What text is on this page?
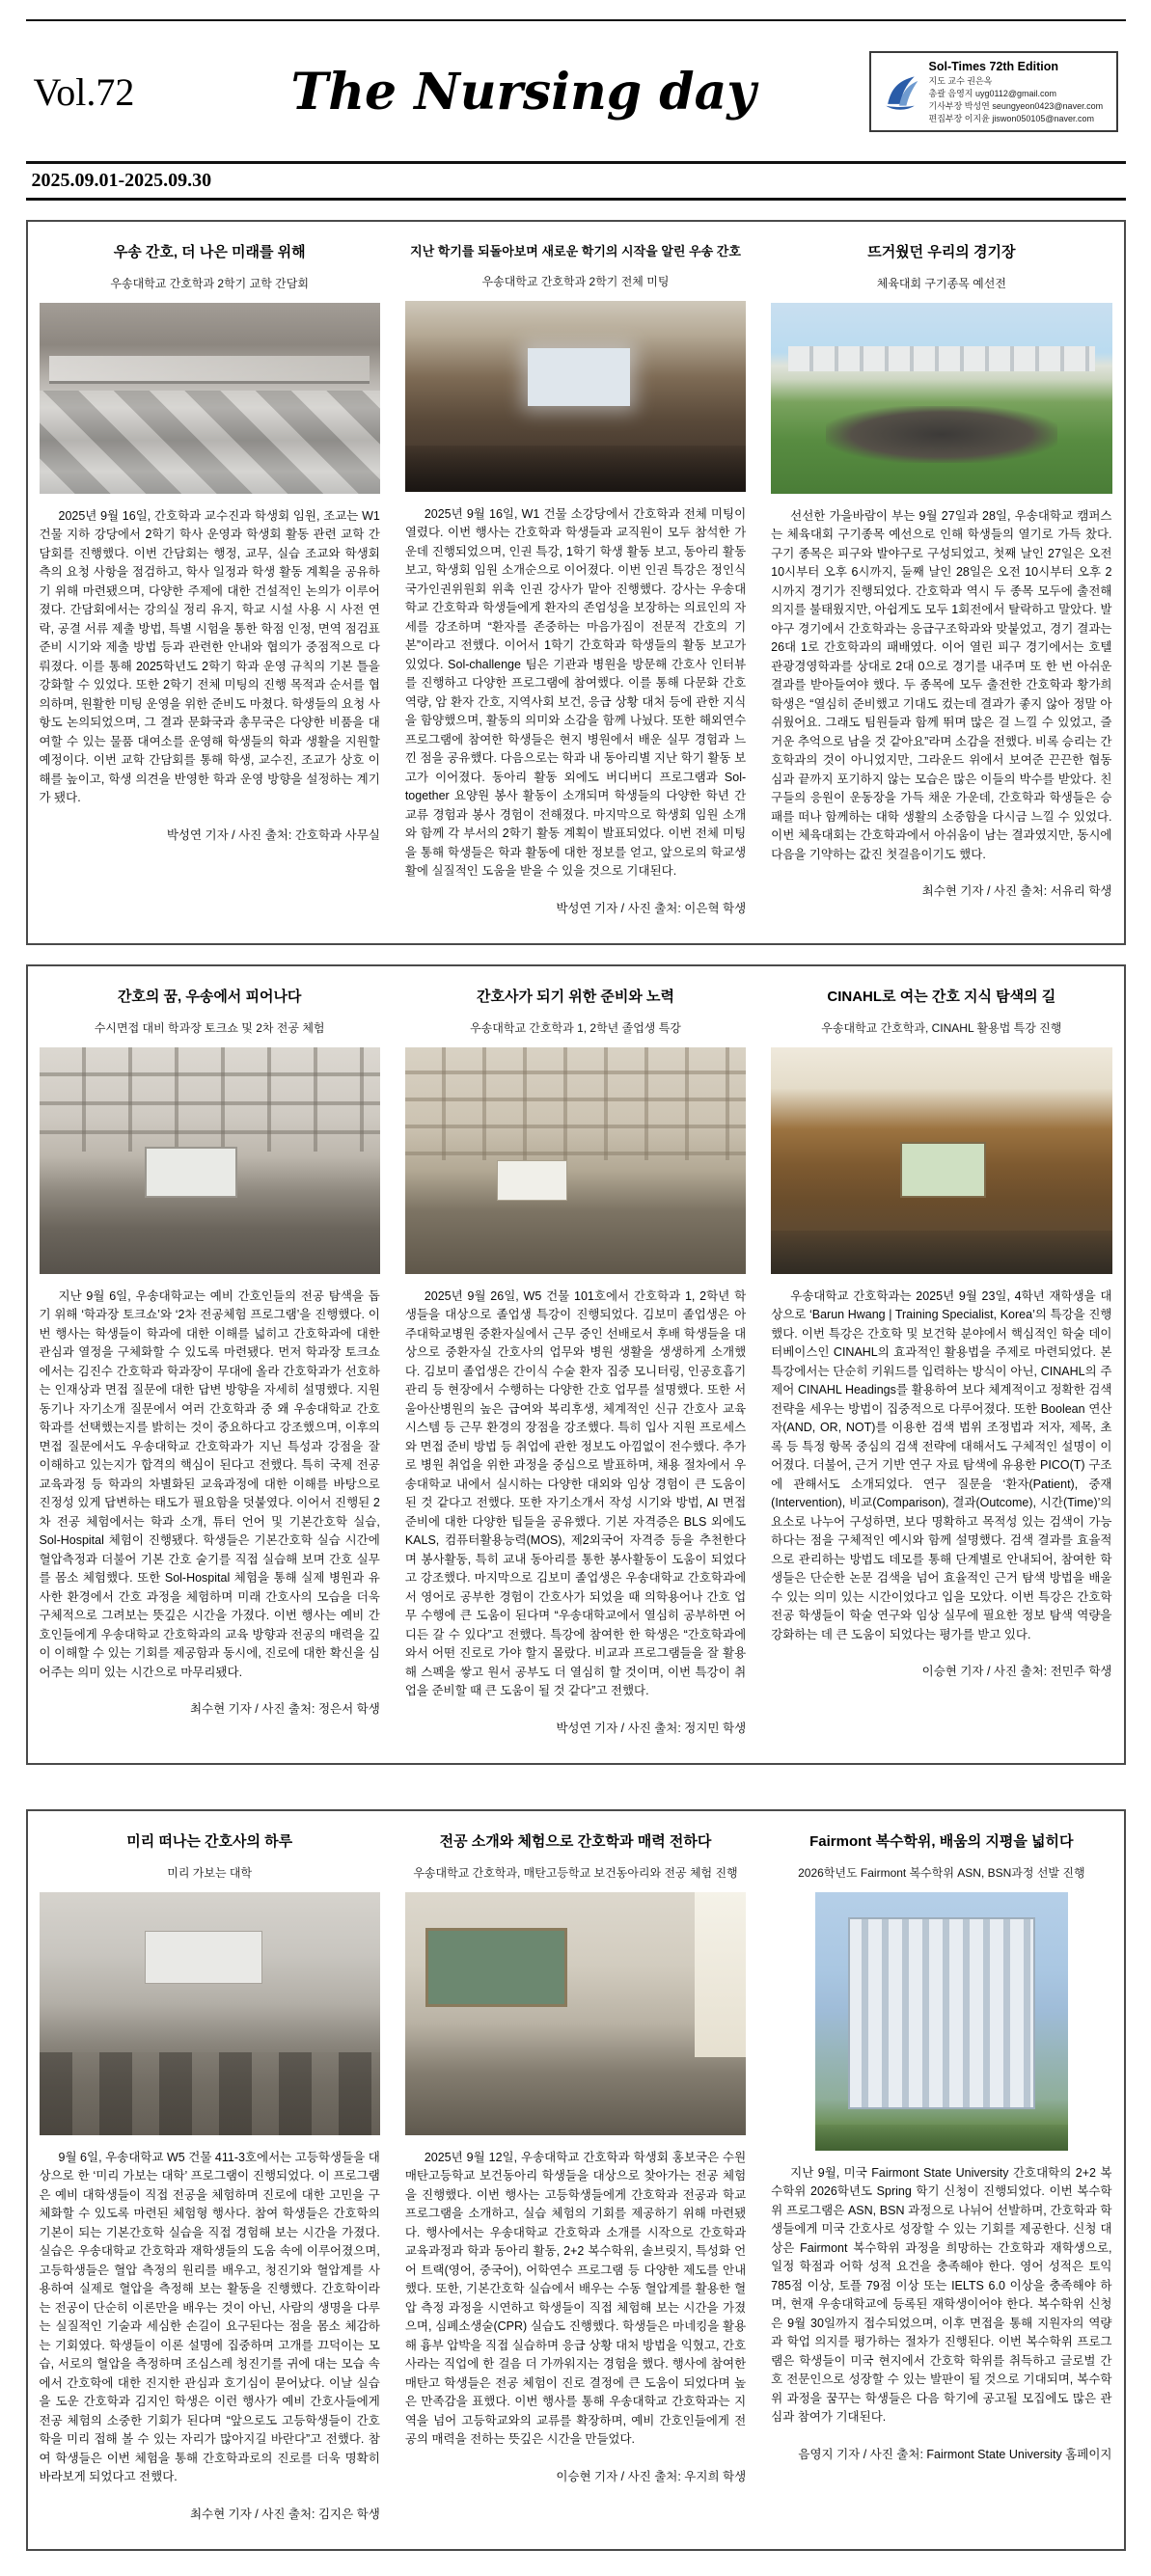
Vol.72	The Nursing day	Sol-Times 72th Edition
지도 교수 권은옥
총괄 음영지 uyg0112@gmail.com
기사부장 박성연 seungyeon0423@naver.com
편집부장 이지윤 jiswon050105@naver.com
2025.09.01-2025.09.30
우송 간호, 더 나은 미래를 위해
우송대학교 간호학과 2학기 교학 간담회

2025년 9월 16일, 간호학과 교수진과 학생회 임원, 조교는 W1 건물 지하 강당에서 2학기 학사 운영과 학생회 활동 관련 교학 간담회를 진행했다. 이번 간담회는 행정, 교무, 실습 조교와 학생회 측의 요청 사항을 점검하고, 학사 일정과 학생 활동 계획을 공유하기 위해 마련됐으며, 다양한 주제에 대한 건설적인 논의가 이루어졌다. 간담회에서는 강의실 정리 유지, 학교 시설 사용 시 사전 연락, 공결 서류 제출 방법, 특별 시험을 통한 학점 인정, 면역 점검표 준비 시기와 제출 방법 등과 관련한 안내와 협의가 중점적으로 다뤄졌다. 이를 통해 2025학년도 2학기 학과 운영 규칙의 기본 틀을 강화할 수 있었다. 또한 2학기 전체 미팅의 진행 목적과 순서를 협의하며, 원활한 미팅 운영을 위한 준비도 마쳤다. 학생들의 요청 사항도 논의되었으며, 그 결과 문화국과 총무국은 다양한 비품을 대여할 수 있는 물품 대여소를 운영해 학생들의 학과 생활을 지원할 예정이다. 이번 교학 간담회를 통해 학생, 교수진, 조교가 상호 이해를 높이고, 학생 의견을 반영한 학과 운영 방향을 설정하는 계기가 됐다.

박성연 기자 / 사진 출처: 간호학과 사무실
지난 학기를 되돌아보며 새로운 학기의 시작을 알린 우송 간호
우송대학교 간호학과 2학기 전체 미팅

2025년 9월 16일, W1 건물 소강당에서 간호학과 전체 미팅이 열렸다. 이번 행사는 간호학과 학생들과 교직원이 모두 참석한 가운데 진행되었으며, 인권 특강, 1학기 학생 활동 보고, 동아리 활동 보고, 학생회 임원 소개순으로 이어졌다. 이번 인권 특강은 정인식 국가인권위원회 위촉 인권 강사가 맡아 진행했다. 강사는 우송대학교 간호학과 학생들에게 환자의 존엄성을 보장하는 의료인의 자세를 강조하며 “환자를 존중하는 마음가짐이 전문적 간호의 기본”이라고 전했다. 이어서 1학기 간호학과 학생들의 활동 보고가 있었다. Sol-challenge 팀은 기관과 병원을 방문해 간호사 인터뷰를 진행하고 다양한 프로그램에 참여했다. 이를 통해 다문화 간호 역량, 암 환자 간호, 지역사회 보건, 응급 상황 대처 등에 관한 지식을 함양했으며, 활동의 의미와 소감을 함께 나눴다. 또한 해외연수 프로그램에 참여한 학생들은 현지 병원에서 배운 실무 경험과 느낀 점을 공유했다. 다음으로는 학과 내 동아리별 지난 학기 활동 보고가 이어졌다. 동아리 활동 외에도 버디버디 프로그램과 Sol-together 요양원 봉사 활동이 소개되며 학생들의 다양한 학년 간 교류 경험과 봉사 경험이 전해졌다. 마지막으로 학생회 임원 소개와 함께 각 부서의 2학기 활동 계획이 발표되었다. 이번 전체 미팅을 통해 학생들은 학과 활동에 대한 정보를 얻고, 앞으로의 학교생활에 실질적인 도움을 받을 수 있을 것으로 기대된다.

박성연 기자 / 사진 출처: 이은혁 학생
뜨거웠던 우리의 경기장
체육대회 구기종목 예선전

선선한 가을바람이 부는 9월 27일과 28일, 우송대학교 캠퍼스는 체육대회 구기종목 예선으로 인해 학생들의 열기로 가득 찼다. 구기 종목은 피구와 발야구로 구성되었고, 첫째 날인 27일은 오전 10시부터 오후 6시까지, 둘째 날인 28일은 오전 10시부터 오후 2시까지 경기가 진행되었다. 간호학과 역시 두 종목 모두에 출전해 의지를 불태웠지만, 아쉽게도 모두 1회전에서 탈락하고 말았다. 발야구 경기에서 간호학과는 응급구조학과와 맞붙었고, 경기 결과는 26대 1로 간호학과의 패배였다. 이어 열린 피구 경기에서는 호텔관광경영학과를 상대로 2대 0으로 경기를 내주며 또 한 번 아쉬운 결과를 받아들여야 했다. 두 종목에 모두 출전한 간호학과 황가희 학생은 “열심히 준비했고 기대도 컸는데 결과가 좋지 않아 정말 아쉬웠어요. 그래도 팀원들과 함께 뛰며 많은 걸 느낄 수 있었고, 즐거운 추억으로 남을 것 같아요”라며 소감을 전했다. 비록 승리는 간호학과의 것이 아니었지만, 그라운드 위에서 보여준 끈끈한 협동심과 끝까지 포기하지 않는 모습은 많은 이들의 박수를 받았다. 친구들의 응원이 운동장을 가득 채운 가운데, 간호학과 학생들은 승패를 떠나 함께하는 대학 생활의 소중함을 다시금 느낄 수 있었다. 이번 체육대회는 간호학과에서 아쉬움이 남는 결과였지만, 동시에 다음을 기약하는 값진 첫걸음이기도 했다.

최수현 기자 / 사진 출처: 서유리 학생
간호의 꿈, 우송에서 피어나다
수시면접 대비 학과장 토크쇼 및 2차 전공 체험

지난 9월 6일, 우송대학교는 예비 간호인들의 전공 탐색을 돕기 위해 ‘학과장 토크쇼’와 ‘2차 전공체험 프로그램’을 진행했다. 이번 행사는 학생들이 학과에 대한 이해를 넓히고 간호학과에 대한 관심과 열정을 구체화할 수 있도록 마련됐다. 먼저 학과장 토크쇼에서는 김진수 간호학과 학과장이 무대에 올라 간호학과가 선호하는 인재상과 면접 질문에 대한 답변 방향을 자세히 설명했다. 지원 동기나 자기소개 질문에서 여러 간호학과 중 왜 우송대학교 간호학과를 선택했는지를 밝히는 것이 중요하다고 강조했으며, 이후의 면접 질문에서도 우송대학교 간호학과가 지닌 특성과 강점을 잘 이해하고 있는지가 합격의 핵심이 된다고 전했다. 특히 국제 전공 교육과정 등 학과의 차별화된 교육과정에 대한 이해를 바탕으로 진정성 있게 답변하는 태도가 필요함을 덧붙였다. 이어서 진행된 2차 전공 체험에서는 학과 소개, 튜터 언어 및 기본간호학 실습, Sol-Hospital 체험이 진행됐다. 학생들은 기본간호학 실습 시간에 혈압측정과 더불어 기본 간호 술기를 직접 실습해 보며 간호 실무를 몸소 체험했다. 또한 Sol-Hospital 체험을 통해 실제 병원과 유사한 환경에서 간호 과정을 체험하며 미래 간호사의 모습을 더욱 구체적으로 그려보는 뜻깊은 시간을 가졌다. 이번 행사는 예비 간호인들에게 우송대학교 간호학과의 교육 방향과 전공의 매력을 깊이 이해할 수 있는 기회를 제공함과 동시에, 진로에 대한 확신을 심어주는 의미 있는 시간으로 마무리됐다.

최수현 기자 / 사진 출처: 정은서 학생
간호사가 되기 위한 준비와 노력
우송대학교 간호학과 1, 2학년 졸업생 특강

2025년 9월 26일, W5 건물 101호에서 간호학과 1, 2학년 학생들을 대상으로 졸업생 특강이 진행되었다. 김보미 졸업생은 아주대학교병원 중환자실에서 근무 중인 선배로서 후배 학생들을 대상으로 중환자실 간호사의 업무와 병원 생활을 생생하게 소개했다. 김보미 졸업생은 간이식 수술 환자 집중 모니터링, 인공호흡기 관리 등 현장에서 수행하는 다양한 간호 업무를 설명했다. 또한 서울아산병원의 높은 급여와 복리후생, 체계적인 신규 간호사 교육 시스템 등 근무 환경의 장점을 강조했다. 특히 입사 지원 프로세스와 면접 준비 방법 등 취업에 관한 정보도 아낌없이 전수했다. 추가로 병원 취업을 위한 과정을 중심으로 발표하며, 채용 절차에서 우송대학교 내에서 실시하는 다양한 대외와 임상 경험이 큰 도움이 된 것 같다고 전했다. 또한 자기소개서 작성 시기와 방법, AI 면접 준비에 대한 다양한 팁들을 공유했다. 기본 자격증은 BLS 외에도 KALS, 컴퓨터활용능력(MOS), 제2외국어 자격증 등을 추천한다며 봉사활동, 특히 교내 동아리를 통한 봉사활동이 도움이 되었다고 강조했다. 마지막으로 김보미 졸업생은 우송대학교 간호학과에서 영어로 공부한 경험이 간호사가 되었을 때 의학용어나 간호 업무 수행에 큰 도움이 된다며 “우송대학교에서 열심히 공부하면 어디든 갈 수 있다”고 전했다. 특강에 참여한 한 학생은 “간호학과에 와서 어떤 진로로 가야 할지 몰랐다. 비교과 프로그램들을 잘 활용해 스펙을 쌓고 원서 공부도 더 열심히 할 것이며, 이번 특강이 취업을 준비할 때 큰 도움이 될 것 같다”고 전했다.

박성연 기자 / 사진 출처: 정지민 학생
CINAHL로 여는 간호 지식 탐색의 길
우송대학교 간호학과, CINAHL 활용법 특강 진행

우송대학교 간호학과는 2025년 9월 23일, 4학년 재학생을 대상으로 ‘Barun Hwang | Training Specialist, Korea’의 특강을 진행했다. 이번 특강은 간호학 및 보건학 분야에서 핵심적인 학술 데이터베이스인 CINAHL의 효과적인 활용법을 주제로 마련되었다. 본 특강에서는 단순히 키워드를 입력하는 방식이 아닌, CINAHL의 주제어 CINAHL Headings를 활용하여 보다 체계적이고 정확한 검색 전략을 세우는 방법이 집중적으로 다루어졌다. 또한 Boolean 연산자(AND, OR, NOT)를 이용한 검색 범위 조정법과 저자, 제목, 초록 등 특정 항목 중심의 검색 전략에 대해서도 구체적인 설명이 이어졌다. 더불어, 근거 기반 연구 자료 탐색에 유용한 PICO(T) 구조에 관해서도 소개되었다. 연구 질문을 ‘환자(Patient), 중재(Intervention), 비교(Comparison), 결과(Outcome), 시간(Time)’의 요소로 나누어 구성하면, 보다 명확하고 목적성 있는 검색이 가능하다는 점을 구체적인 예시와 함께 설명했다. 검색 결과를 효율적으로 관리하는 방법도 데모를 통해 단계별로 안내되어, 참여한 학생들은 단순한 논문 검색을 넘어 효율적인 근거 탐색 방법을 배울 수 있는 의미 있는 시간이었다고 입을 모았다. 이번 특강은 간호학 전공 학생들이 학술 연구와 임상 실무에 필요한 정보 탐색 역량을 강화하는 데 큰 도움이 되었다는 평가를 받고 있다.

이승현 기자 / 사진 출처: 전민주 학생
미리 떠나는 간호사의 하루
미리 가보는 대학

9월 6일, 우송대학교 W5 건물 411-3호에서는 고등학생들을 대상으로 한 ‘미리 가보는 대학’ 프로그램이 진행되었다. 이 프로그램은 예비 대학생들이 직접 전공을 체험하며 진로에 대한 고민을 구체화할 수 있도록 마련된 체험형 행사다. 참여 학생들은 간호학의 기본이 되는 기본간호학 실습을 직접 경험해 보는 시간을 가졌다. 실습은 우송대학교 간호학과 재학생들의 도움 속에 이루어졌으며, 고등학생들은 혈압 측정의 원리를 배우고, 청진기와 혈압계를 사용하여 실제로 혈압을 측정해 보는 활동을 진행했다. 간호학이라는 전공이 단순히 이론만을 배우는 것이 아닌, 사람의 생명을 다루는 실질적인 기술과 세심한 손길이 요구된다는 점을 몸소 체감하는 기회였다. 학생들이 이론 설명에 집중하며 고개를 끄덕이는 모습, 서로의 혈압을 측정하며 조심스레 청진기를 귀에 대는 모습 속에서 간호학에 대한 진지한 관심과 호기심이 묻어났다. 이날 실습을 도운 간호학과 김지인 학생은 이런 행사가 예비 간호사들에게 전공 체험의 소중한 기회가 된다며 “앞으로도 고등학생들이 간호학을 미리 접해 볼 수 있는 자리가 많아지길 바란다”고 전했다. 참여 학생들은 이번 체험을 통해 간호학과로의 진로를 더욱 명확히 바라보게 되었다고 전했다.

최수현 기자 / 사진 출처: 김지은 학생
전공 소개와 체험으로 간호학과 매력 전하다
우송대학교 간호학과, 매탄고등학교 보건동아리와 전공 체험 진행

2025년 9월 12일, 우송대학교 간호학과 학생회 홍보국은 수원 매탄고등학교 보건동아리 학생들을 대상으로 찾아가는 전공 체험을 진행했다. 이번 행사는 고등학생들에게 간호학과 전공과 학교 프로그램을 소개하고, 실습 체험의 기회를 제공하기 위해 마련됐다. 행사에서는 우송대학교 간호학과 소개를 시작으로 간호학과 교육과정과 학과 동아리 활동, 2+2 복수학위, 솔브릿지, 특성화 언어 트랙(영어, 중국어), 어학연수 프로그램 등 다양한 제도를 안내했다. 또한, 기본간호학 실습에서 배우는 수동 혈압계를 활용한 혈압 측정 과정을 시연하고 학생들이 직접 체험해 보는 시간을 가졌으며, 심폐소생술(CPR) 실습도 진행했다. 학생들은 마네킹을 활용해 흉부 압박을 직접 실습하며 응급 상황 대처 방법을 익혔고, 간호사라는 직업에 한 걸음 더 가까워지는 경험을 했다. 행사에 참여한 매탄고 학생들은 전공 체험이 진로 결정에 큰 도움이 되었다며 높은 만족감을 표했다. 이번 행사를 통해 우송대학교 간호학과는 지역을 넘어 고등학교와의 교류를 확장하며, 예비 간호인들에게 전공의 매력을 전하는 뜻깊은 시간을 만들었다.

이승현 기자 / 사진 출처: 우지희 학생
Fairmont 복수학위, 배움의 지평을 넓히다
2026학년도 Fairmont 복수학위 ASN, BSN과정 선발 진행

지난 9월, 미국 Fairmont State University 간호대학의 2+2 복수학위 2026학년도 Spring 학기 신청이 진행되었다. 이번 복수학위 프로그램은 ASN, BSN 과정으로 나뉘어 선발하며, 간호학과 학생들에게 미국 간호사로 성장할 수 있는 기회를 제공한다. 신청 대상은 Fairmont 복수학위 과정을 희망하는 간호학과 재학생으로, 일정 학점과 어학 성적 요건을 충족해야 한다. 영어 성적은 토익 785점 이상, 토플 79점 이상 또는 IELTS 6.0 이상을 충족해야 하며, 현재 우송대학교에 등록된 재학생이어야 한다. 복수학위 신청은 9월 30일까지 접수되었으며, 이후 면접을 통해 지원자의 역량과 학업 의지를 평가하는 절차가 진행된다. 이번 복수학위 프로그램은 학생들이 미국 현지에서 간호학 학위를 취득하고 글로벌 간호 전문인으로 성장할 수 있는 발판이 될 것으로 기대되며, 복수학위 과정을 꿈꾸는 학생들은 다음 학기에 공고될 모집에도 많은 관심과 참여가 기대된다.

음영지 기자 / 사진 출처: Fairmont State University 홈페이지
